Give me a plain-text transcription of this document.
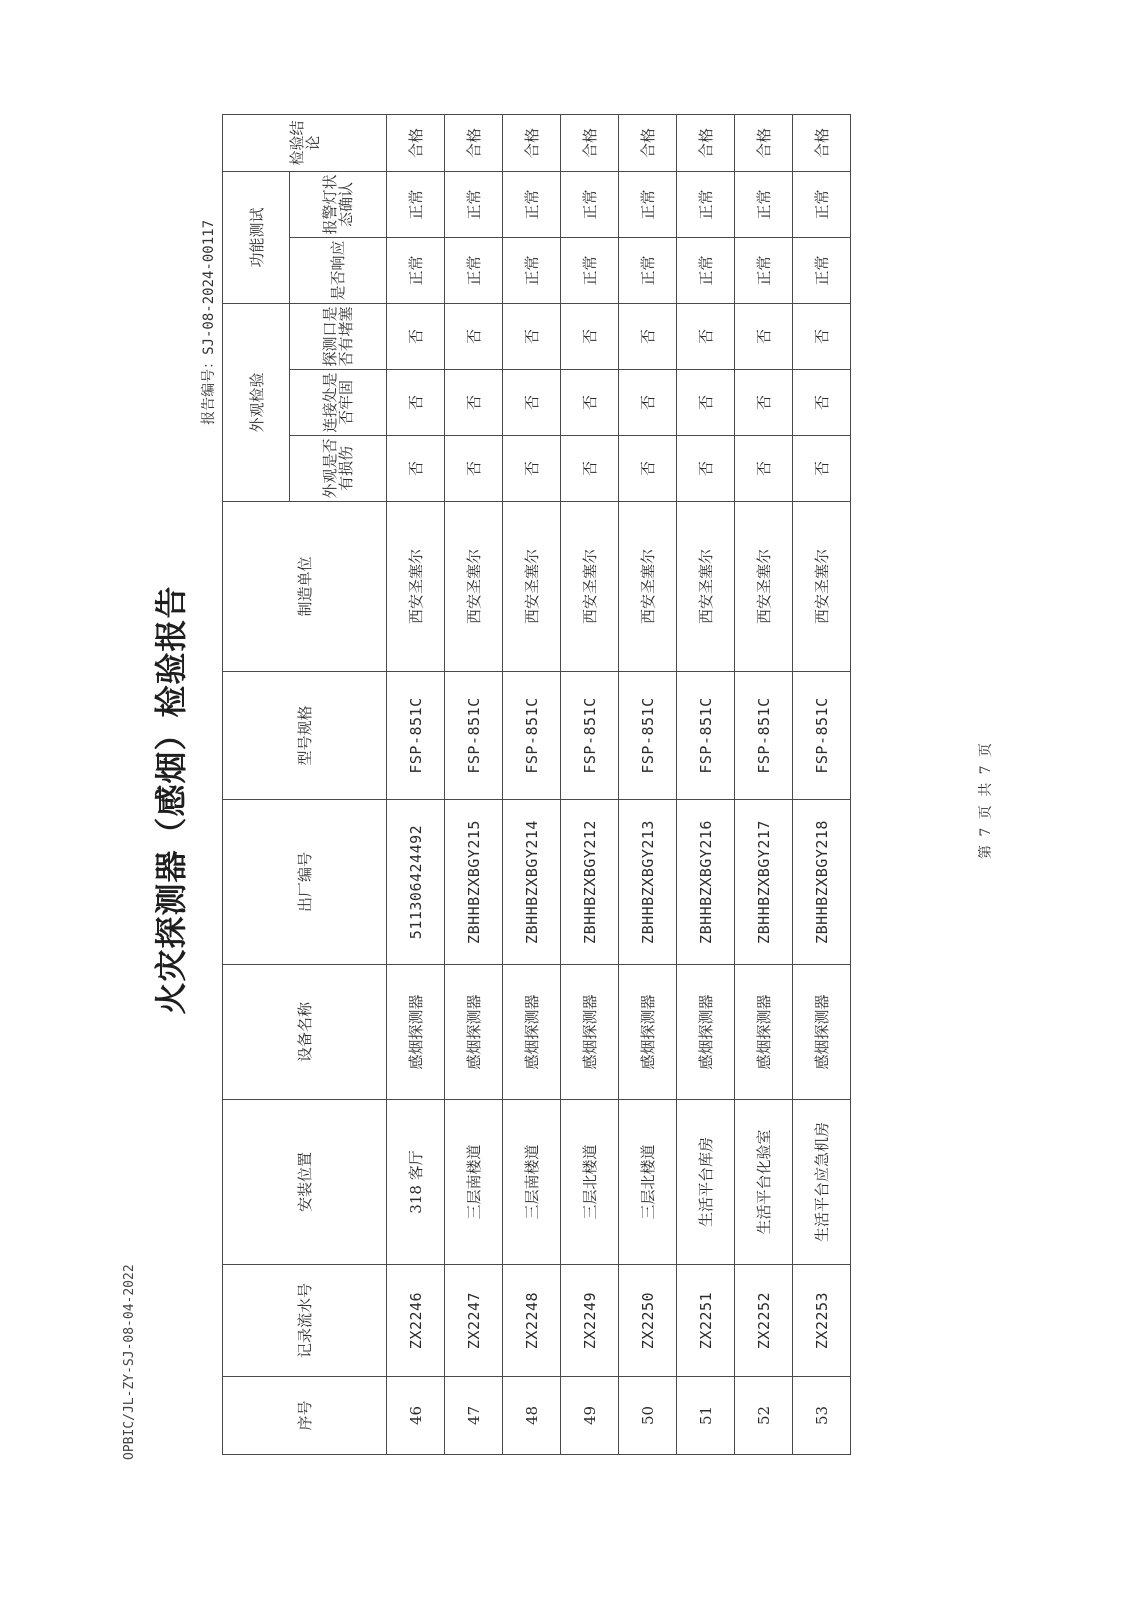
OPBIC/JL-ZY-SJ-08-04-2022
火灾探测器（感烟）检验报告
报告编号：SJ-08-2024-00117
序号	记录流水号	安装位置	设备名称	出厂编号	型号规格	制造单位	外观检验			功能测试		检验结论
							外观是否有损伤	连接处是否牢固	探测口是否有堵塞	是否响应	报警灯状态确认	
46	ZX2246	318 客厅	感烟探测器	511306424492	FSP-851C	西安圣塞尔	否	否	否	正常	正常	合格
47	ZX2247	三层南楼道	感烟探测器	ZBHHBZXBGY215	FSP-851C	西安圣塞尔	否	否	否	正常	正常	合格
48	ZX2248	三层南楼道	感烟探测器	ZBHHBZXBGY214	FSP-851C	西安圣塞尔	否	否	否	正常	正常	合格
49	ZX2249	三层北楼道	感烟探测器	ZBHHBZXBGY212	FSP-851C	西安圣塞尔	否	否	否	正常	正常	合格
50	ZX2250	三层北楼道	感烟探测器	ZBHHBZXBGY213	FSP-851C	西安圣塞尔	否	否	否	正常	正常	合格
51	ZX2251	生活平台库房	感烟探测器	ZBHHBZXBGY216	FSP-851C	西安圣塞尔	否	否	否	正常	正常	合格
52	ZX2252	生活平台化验室	感烟探测器	ZBHHBZXBGY217	FSP-851C	西安圣塞尔	否	否	否	正常	正常	合格
53	ZX2253	生活平台应急机房	感烟探测器	ZBHHBZXBGY218	FSP-851C	西安圣塞尔	否	否	否	正常	正常	合格
第 7 页 共 7 页
